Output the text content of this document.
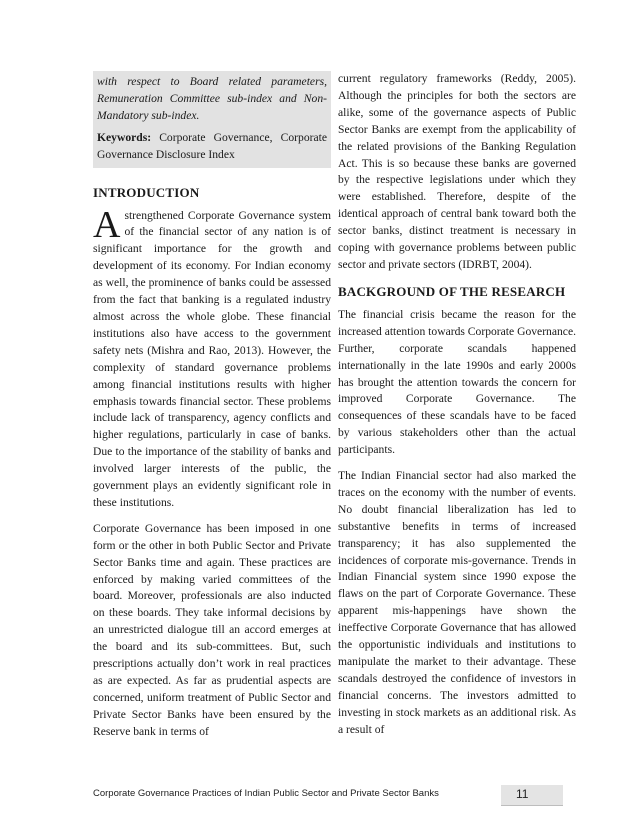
with respect to Board related parameters, Remuneration Committee sub-index and Non-Mandatory sub-index.

Keywords: Corporate Governance, Corporate Governance Disclosure Index

INTRODUCTION

Astrengthened Corporate Governance system of the financial sector of any nation is of significant importance for the growth and development of its economy. For Indian economy as well, the prominence of banks could be assessed from the fact that banking is a regulated industry almost across the whole globe. These financial institutions also have access to the government safety nets (Mishra and Rao, 2013). However, the complexity of standard governance problems among financial institutions results with higher emphasis towards financial sector. These problems include lack of transparency, agency conflicts and higher regulations, particularly in case of banks. Due to the importance of the stability of banks and involved larger interests of the public, the government plays an evidently significant role in these institutions.

Corporate Governance has been imposed in one form or the other in both Public Sector and Private Sector Banks time and again. These practices are enforced by making varied committees of the board. Moreover, professionals are also inducted on these boards. They take informal decisions by an unrestricted dialogue till an accord emerges at the board and its sub-committees. But, such prescriptions actually don’t work in real practices as are expected. As far as prudential aspects are concerned, uniform treatment of Public Sector and Private Sector Banks have been ensured by the Reserve bank in terms of

current regulatory frameworks (Reddy, 2005). Although the principles for both the sectors are alike, some of the governance aspects of Public Sector Banks are exempt from the applicability of the related provisions of the Banking Regulation Act. This is so because these banks are governed by the respective legislations under which they were established. Therefore, despite of the identical approach of central bank toward both the sector banks, distinct treatment is necessary in coping with governance problems between public sector and private sectors (IDRBT, 2004).

BACKGROUND OF THE RESEARCH

The financial crisis became the reason for the increased attention towards Corporate Governance. Further, corporate scandals happened internationally in the late 1990s and early 2000s has brought the attention towards the concern for improved Corporate Governance. The consequences of these scandals have to be faced by various stakeholders other than the actual participants.

The Indian Financial sector had also marked the traces on the economy with the number of events. No doubt financial liberalization has led to substantive benefits in terms of increased transparency; it has also supplemented the incidences of corporate mis-governance. Trends in Indian Financial system since 1990 expose the flaws on the part of Corporate Governance. These apparent mis-happenings have shown the ineffective Corporate Governance that has allowed the opportunistic individuals and institutions to manipulate the market to their advantage. These scandals destroyed the confidence of investors in financial concerns. The investors admitted to investing in stock markets as an additional risk. As a result of

Corporate Governance Practices of Indian Public Sector and Private Sector Banks	11
